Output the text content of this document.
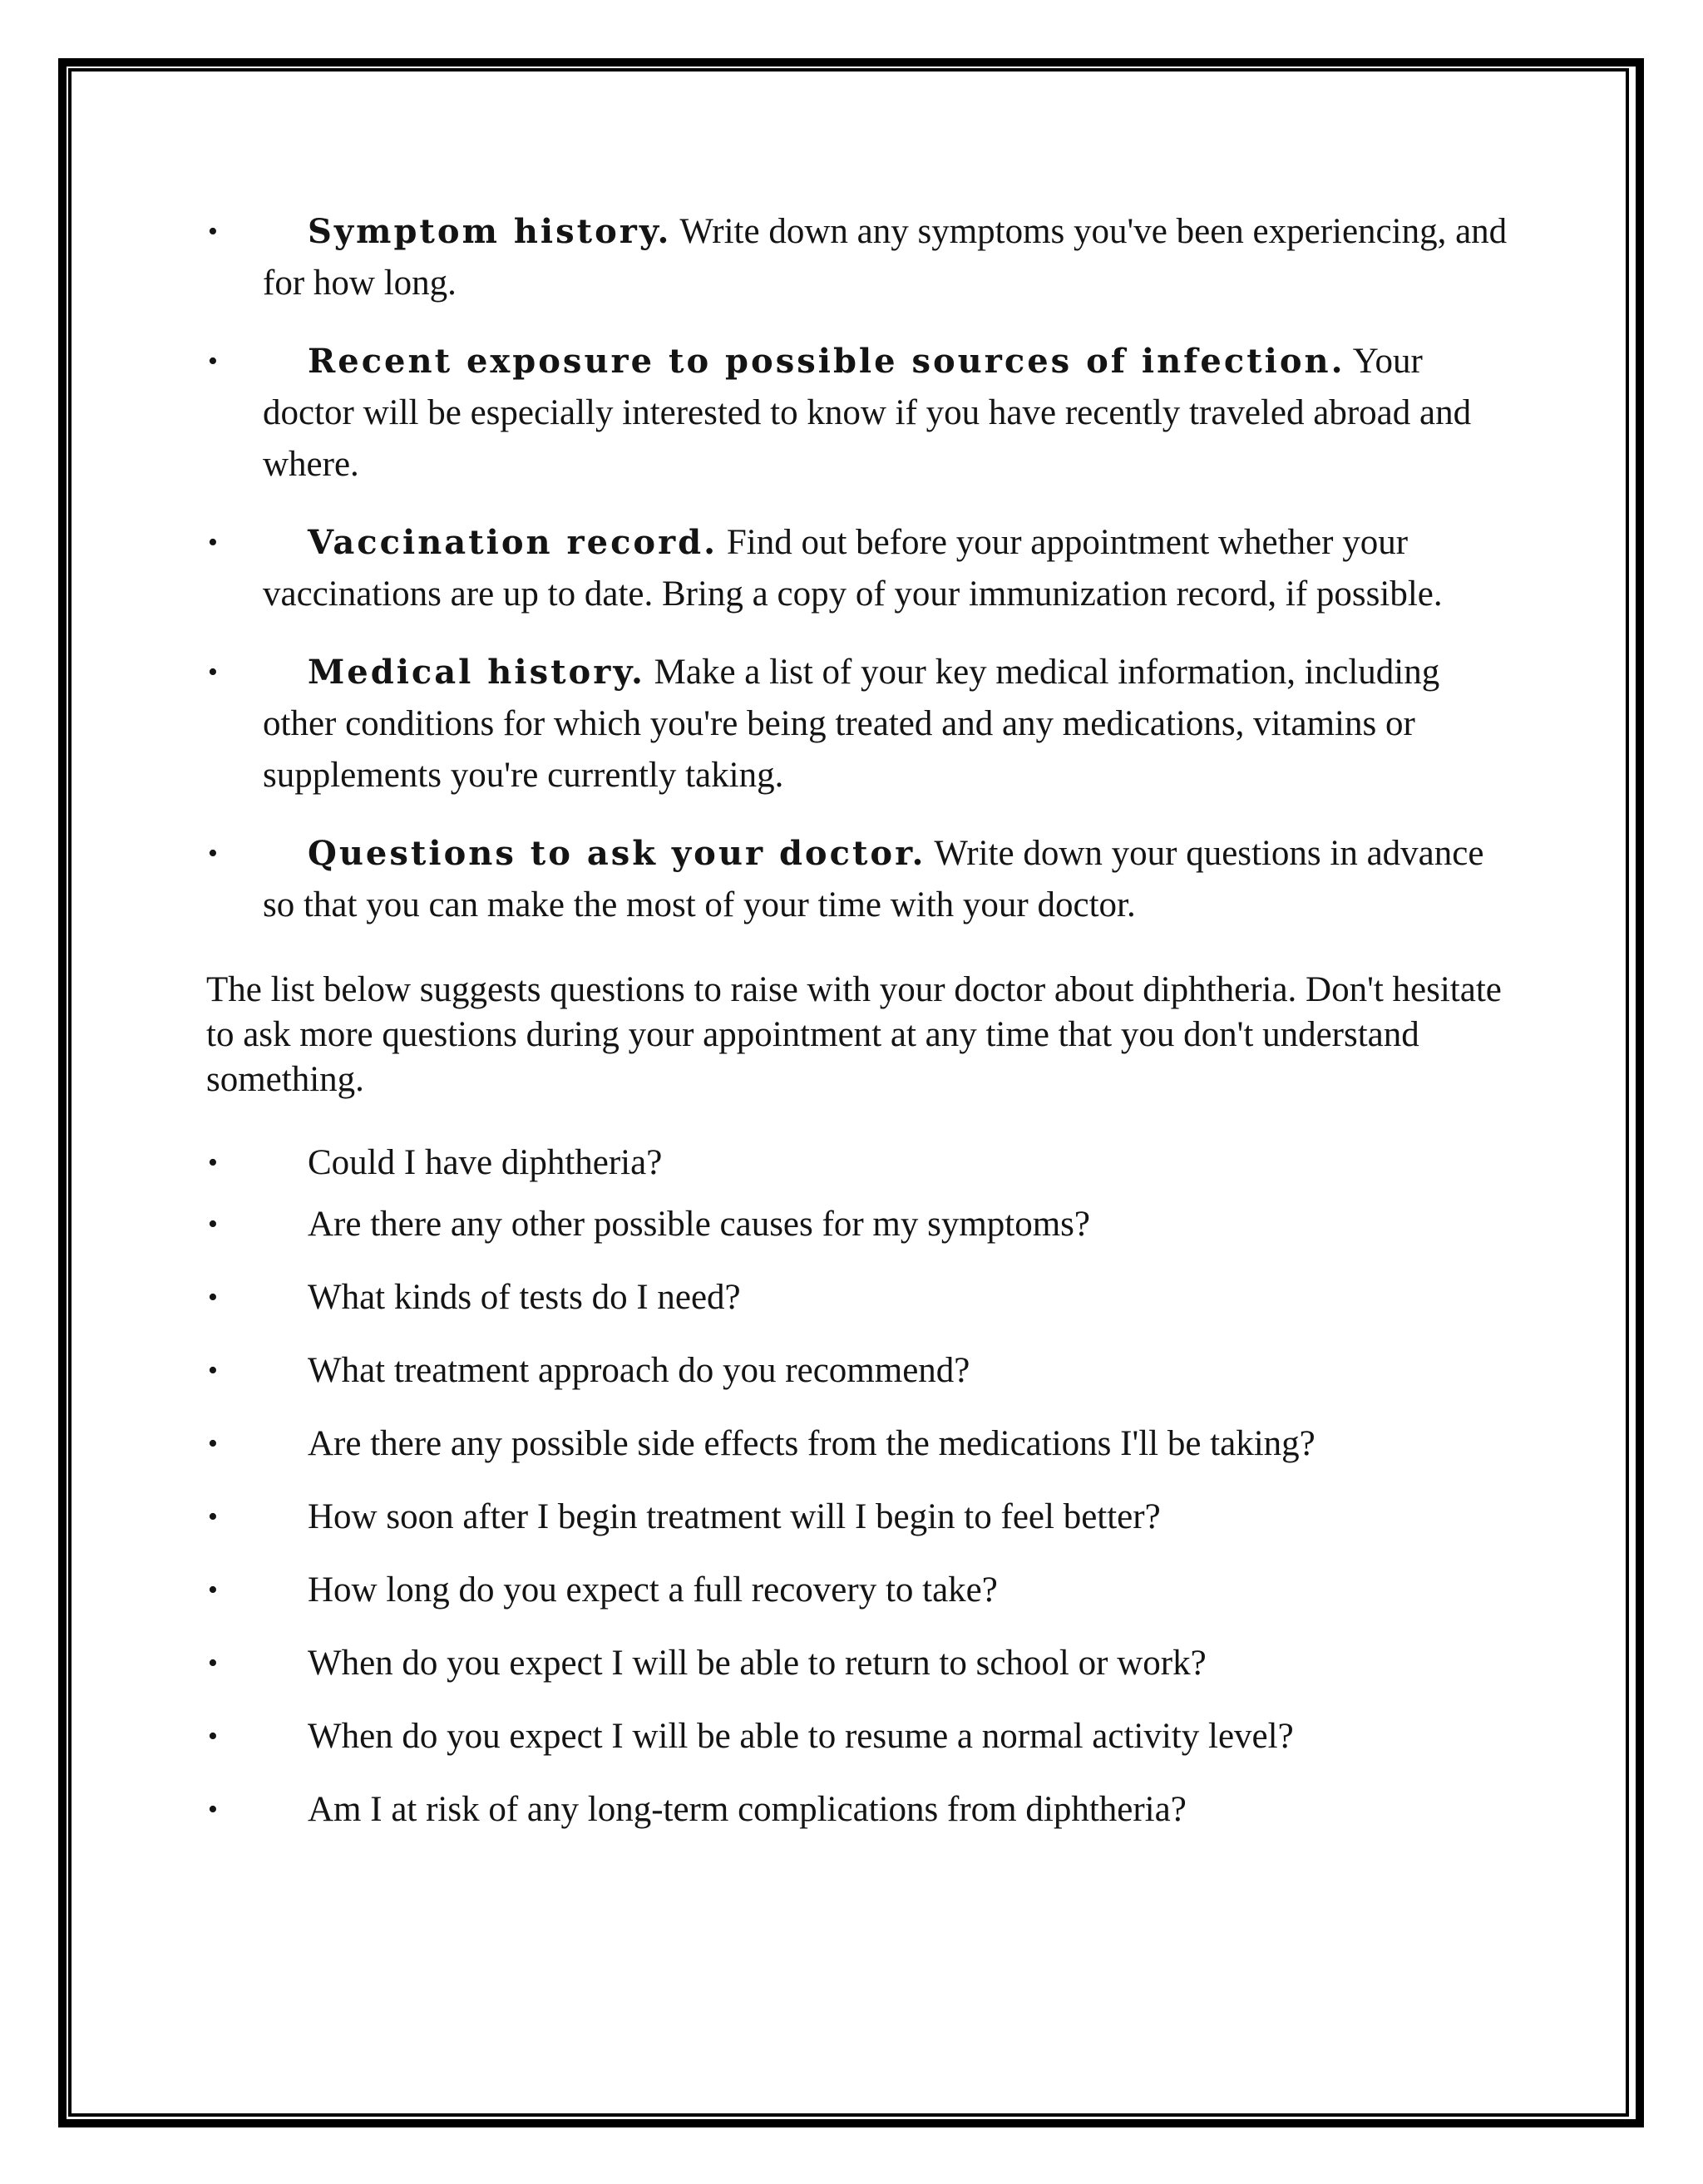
•	Symptom history. Write down any symptoms you've been experiencing, and for how long.
•	Recent exposure to possible sources of infection. Your doctor will be especially interested to know if you have recently traveled abroad and where.
•	Vaccination record. Find out before your appointment whether your vaccinations are up to date. Bring a copy of your immunization record, if possible.
•	Medical history. Make a list of your key medical information, including other conditions for which you're being treated and any medications, vitamins or supplements you're currently taking.
•	Questions to ask your doctor. Write down your questions in advance so that you can make the most of your time with your doctor.

The list below suggests questions to raise with your doctor about diphtheria. Don't hesitate to ask more questions during your appointment at any time that you don't understand something.

•	Could I have diphtheria?
•	Are there any other possible causes for my symptoms?
•	What kinds of tests do I need?
•	What treatment approach do you recommend?
•	Are there any possible side effects from the medications I'll be taking?
•	How soon after I begin treatment will I begin to feel better?
•	How long do you expect a full recovery to take?
•	When do you expect I will be able to return to school or work?
•	When do you expect I will be able to resume a normal activity level?
•	Am I at risk of any long-term complications from diphtheria?
